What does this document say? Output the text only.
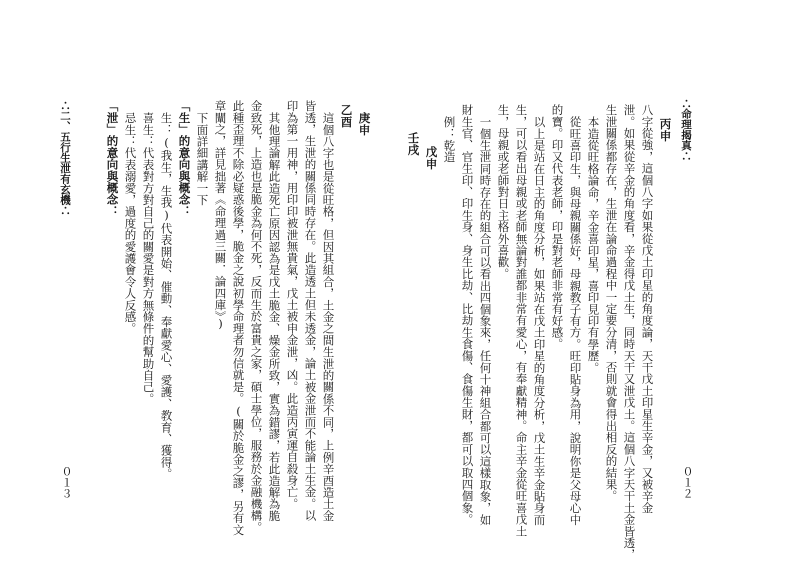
∴命理揭真∴
０１２
丙申
八字從強，這個八字如果從戊土印星的角度論，天干戊土印星生辛金，又被辛金
泄。如果從辛金的角度看，辛金得戊土生，同時天干又泄戊土。這個八字天干土金皆透，
生泄關係都存在，生泄在論命過程中一定要分清，否則就會得出相反的結果。
本造從旺格論命，辛金喜印星，喜印見印有學歷。
從旺喜印生，與母親關係好，母親教子有方。旺印貼身為用，說明你是父母心中
的寶。印又代表老師，印是對老師非常有好感。
以上是站在日主的角度分析，如果站在戊土印星的角度分析，戊土生辛金貼身而
生，可以看出母親或老師無論對誰都非常有愛心，有奉獻精神。命主辛金從旺喜戊土
生，母親或老師對日主格外喜歡。
一個生泄同時存在的組合可以看出四個象來，任何十神組合都可以這樣取象，如
財生官、官生印、印生身、身生比劫、比劫生食傷、食傷生財，都可以取四個象。
例：乾造
戊申
壬戌
庚申
乙酉
這個八字也是從旺格，但因其組合，土金之間生泄的關係不同，上例辛酉造土金
皆透，生泄的關係同時存在。此造透土但未透金，論土被金泄而不能論土生金。以
印為第一用神，用印印被泄無貴氣，戊土被申金泄，凶。此造丙寅運自殺身亡。
其他理論解此造死亡原因認為是戊土脆金、燥金所致，實為錯謬，若此造解為脆
金致死，上造也是脆金為何不死，反而生於富貴之家，碩士學位，服務於金融機構。
此種歪理不除必疑惑後學，脆金之說初學命理者勿信就是。(關於脆金之謬，另有文
章闡之，詳見拙著《命理過三關．論四庫》)
下面詳細講解一下
「生」的意向與概念：
生：(我生，生我)代表開始、催動、奉獻愛心、愛護、教育、獲得。
喜生：代表對方對自己的關愛是對方無條件的幫助自己。
忌生：代表溺愛，過度的愛護會令人反感。
「泄」的意向與概念：
∴二、五行生泄有玄機∴
０１３
